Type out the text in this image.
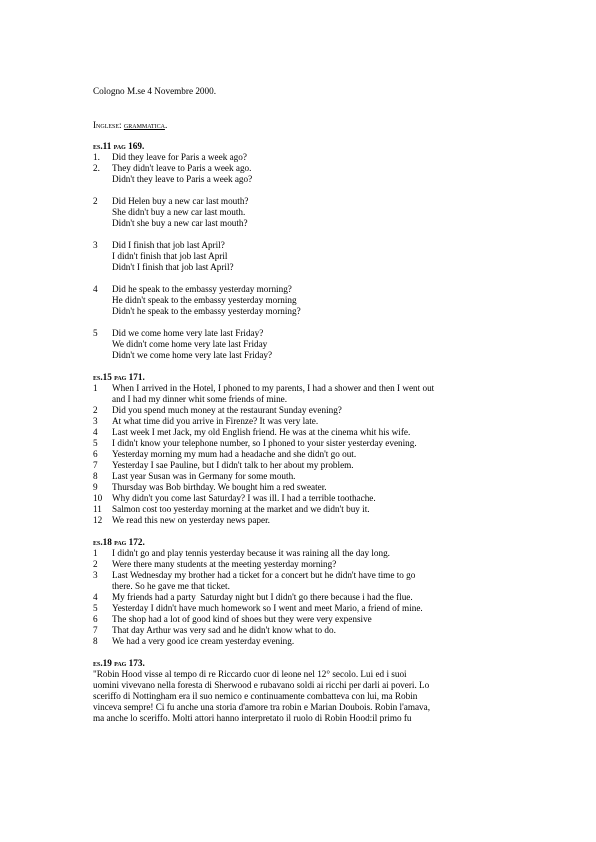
Cologno M.se 4 Novembre 2000.
Inglese: grammatica.
es.11 pag 169.
1. Did they leave for Paris a week ago?
2. They didn't leave to Paris a week ago.
Didn't they leave to Paris a week ago?
2 Did Helen buy a new car last mouth?
She didn't buy a new car last mouth.
Didn't she buy a new car last mouth?
3 Did I finish that job last April?
I didn't finish that job last April
Didn't I finish that job last April?
4 Did he speak to the embassy yesterday morning?
He didn't speak to the embassy yesterday morning
Didn't he speak to the embassy yesterday morning?
5 Did we come home very late last Friday?
We didn't come home very late last Friday
Didn't we come home very late last Friday?
es.15 pag 171.
1 When I arrived in the Hotel, I phoned to my parents, I had a shower and then I went out
and I had my dinner whit some friends of mine.
2 Did you spend much money at the restaurant Sunday evening?
3 At what time did you arrive in Firenze? It was very late.
4 Last week I met Jack, my old English friend. He was at the cinema whit his wife.
5 I didn't know your telephone number, so I phoned to your sister yesterday evening.
6 Yesterday morning my mum had a headache and she didn't go out.
7 Yesterday I sae Pauline, but I didn't talk to her about my problem.
8 Last year Susan was in Germany for some mouth.
9 Thursday was Bob birthday. We bought him a red sweater.
10 Why didn't you come last Saturday? I was ill. I had a terrible toothache.
11 Salmon cost too yesterday morning at the market and we didn't buy it.
12 We read this new on yesterday news paper.
es.18 pag 172.
1 I didn't go and play tennis yesterday because it was raining all the day long.
2 Were there many students at the meeting yesterday morning?
3 Last Wednesday my brother had a ticket for a concert but he didn't have time to go
there. So he gave me that ticket.
4 My friends had a party  Saturday night but I didn't go there because i had the flue.
5 Yesterday I didn't have much homework so I went and meet Mario, a friend of mine.
6 The shop had a lot of good kind of shoes but they were very expensive
7 That day Arthur was very sad and he didn't know what to do.
8 We had a very good ice cream yesterday evening.
es.19 pag 173.
"Robin Hood visse al tempo di re Riccardo cuor di leone nel 12° secolo. Lui ed i suoi
uomini vivevano nella foresta di Sherwood e rubavano soldi ai ricchi per darli ai poveri. Lo
sceriffo di Nottingham era il suo nemico e continuamente combatteva con lui, ma Robin
vinceva sempre! Ci fu anche una storia d'amore tra robin e Marian Doubois. Robin l'amava,
ma anche lo sceriffo. Molti attori hanno interpretato il ruolo di Robin Hood:il primo fu
